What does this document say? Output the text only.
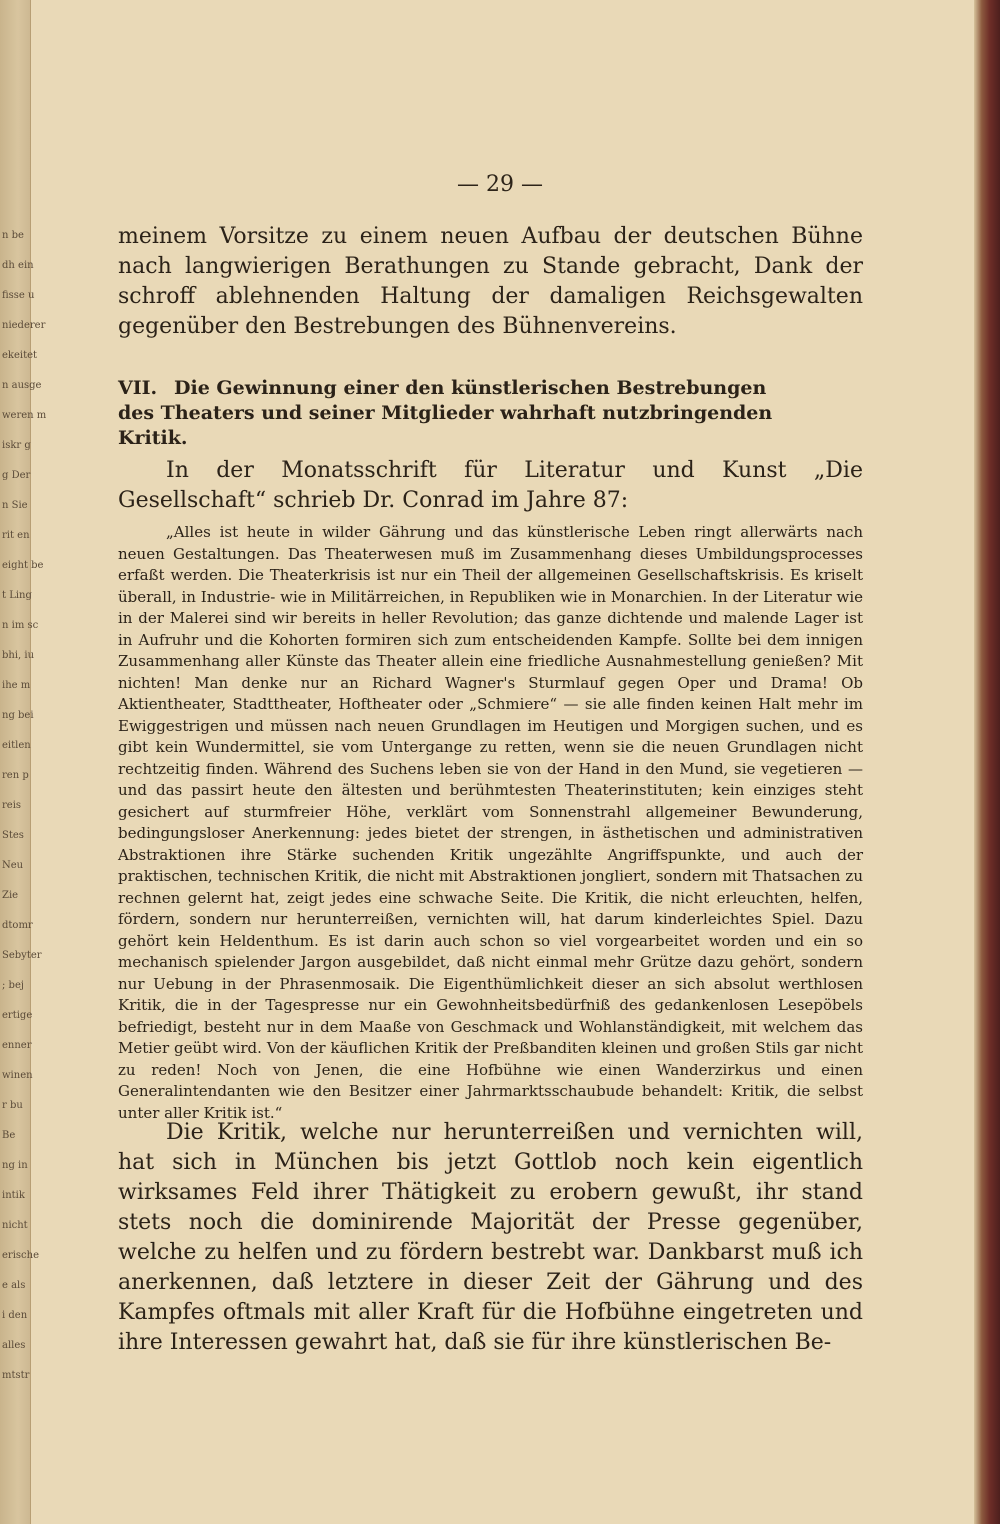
n be
dh ein
fisse u
niederer
ekeitet
n ausge
weren m
iskr g
g Der
n Sie
rit en
eight be
t Ling
n im sc
bhi, iu
ihe m
ng bei
eitlen
ren p
reis
Stes
Neu
Zie
dtomr
Sebyter
; bej
ertige
enner
winen
r bu
Be
ng in
intik
nicht
erische
e als
i den
alles
mtstr
— 29 —

meinem Vorsitze zu einem neuen Aufbau der deutschen Bühne nach langwierigen Berathungen zu Stande gebracht, Dank der schroff ablehnenden Haltung der damaligen Reichsgewalten gegenüber den Bestrebungen des Bühnenvereins.

VII. Die Gewinnung einer den künstlerischen Bestrebungen des Theaters und seiner Mitglieder wahrhaft nutzbringenden Kritik.

In der Monatsschrift für Literatur und Kunst „Die Gesellschaft“ schrieb Dr. Conrad im Jahre 87:

„Alles ist heute in wilder Gährung und das künstlerische Leben ringt allerwärts nach neuen Gestaltungen. Das Theaterwesen muß im Zusammenhang dieses Umbildungsprocesses erfaßt werden. Die Theaterkrisis ist nur ein Theil der allgemeinen Gesellschaftskrisis. Es kriselt überall, in Industrie- wie in Militärreichen, in Republiken wie in Monarchien. In der Literatur wie in der Malerei sind wir bereits in heller Revolution; das ganze dichtende und malende Lager ist in Aufruhr und die Kohorten formiren sich zum entscheidenden Kampfe. Sollte bei dem innigen Zusammenhang aller Künste das Theater allein eine friedliche Ausnahmestellung genießen? Mit nichten! Man denke nur an Richard Wagner's Sturmlauf gegen Oper und Drama! Ob Aktientheater, Stadttheater, Hoftheater oder „Schmiere“ — sie alle finden keinen Halt mehr im Ewiggestrigen und müssen nach neuen Grundlagen im Heutigen und Morgigen suchen, und es gibt kein Wundermittel, sie vom Untergange zu retten, wenn sie die neuen Grundlagen nicht rechtzeitig finden. Während des Suchens leben sie von der Hand in den Mund, sie vegetieren — und das passirt heute den ältesten und berühmtesten Theaterinstituten; kein einziges steht gesichert auf sturmfreier Höhe, verklärt vom Sonnenstrahl allgemeiner Bewunderung, bedingungsloser Anerkennung: jedes bietet der strengen, in ästhetischen und administrativen Abstraktionen ihre Stärke suchenden Kritik ungezählte Angriffspunkte, und auch der praktischen, technischen Kritik, die nicht mit Abstraktionen jongliert, sondern mit Thatsachen zu rechnen gelernt hat, zeigt jedes eine schwache Seite. Die Kritik, die nicht erleuchten, helfen, fördern, sondern nur herunterreißen, vernichten will, hat darum kinderleichtes Spiel. Dazu gehört kein Heldenthum. Es ist darin auch schon so viel vorgearbeitet worden und ein so mechanisch spielender Jargon ausgebildet, daß nicht einmal mehr Grütze dazu gehört, sondern nur Uebung in der Phrasenmosaik. Die Eigenthümlichkeit dieser an sich absolut werthlosen Kritik, die in der Tagespresse nur ein Gewohnheitsbedürfniß des gedankenlosen Lesepöbels befriedigt, besteht nur in dem Maaße von Geschmack und Wohlanständigkeit, mit welchem das Metier geübt wird. Von der käuflichen Kritik der Preßbanditen kleinen und großen Stils gar nicht zu reden! Noch von Jenen, die eine Hofbühne wie einen Wanderzirkus und einen Generalintendanten wie den Besitzer einer Jahrmarktsschaubude behandelt: Kritik, die selbst unter aller Kritik ist.“

Die Kritik, welche nur herunterreißen und vernichten will, hat sich in München bis jetzt Gottlob noch kein eigentlich wirksames Feld ihrer Thätigkeit zu erobern gewußt, ihr stand stets noch die dominirende Majorität der Presse gegenüber, welche zu helfen und zu fördern bestrebt war. Dankbarst muß ich anerkennen, daß letztere in dieser Zeit der Gährung und des Kampfes oftmals mit aller Kraft für die Hofbühne eingetreten und ihre Interessen gewahrt hat, daß sie für ihre künstlerischen Be-
